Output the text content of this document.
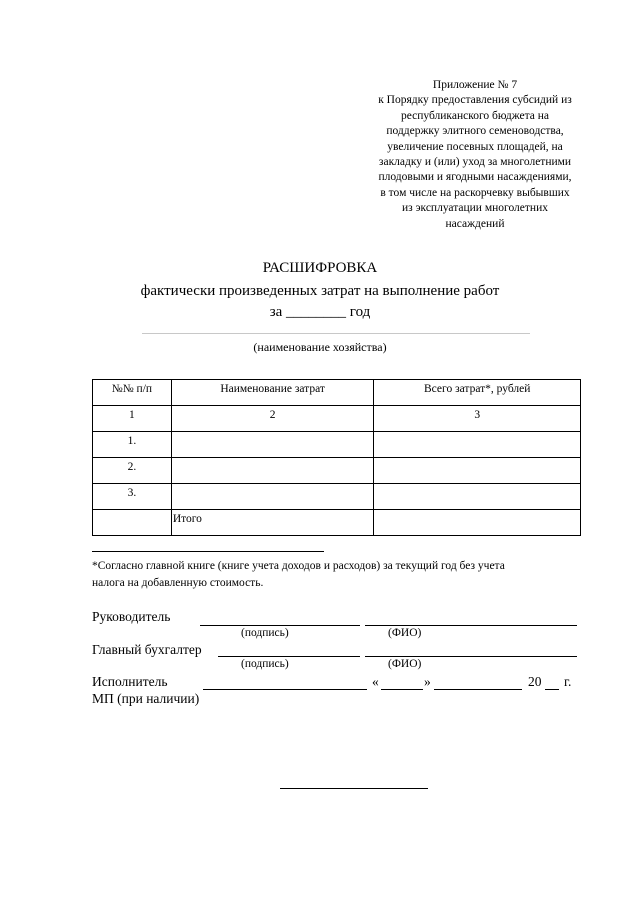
Приложение № 7
к Порядку предоставления субсидий из
республиканского бюджета на
поддержку элитного семеноводства,
увеличение посевных площадей, на
закладку и (или) уход за многолетними
плодовыми и ягодными насаждениями,
в том числе на раскорчевку выбывших
из эксплуатации многолетних
насаждений
РАСШИФРОВКА
фактически произведенных затрат на выполнение работ
за ________ год
(наименование хозяйства)
№№ п/п	Наименование затрат	Всего затрат*, рублей
1	2	3
1.		
2.		
3.		
	Итого	
*Согласно главной книге (книге учета доходов и расходов) за текущий год без учета
налога на добавленную стоимость.
Руководитель
(подпись)	(ФИО)
Главный бухгалтер
(подпись)	(ФИО)
Исполнитель	«	»	20 г.
МП (при наличии)
